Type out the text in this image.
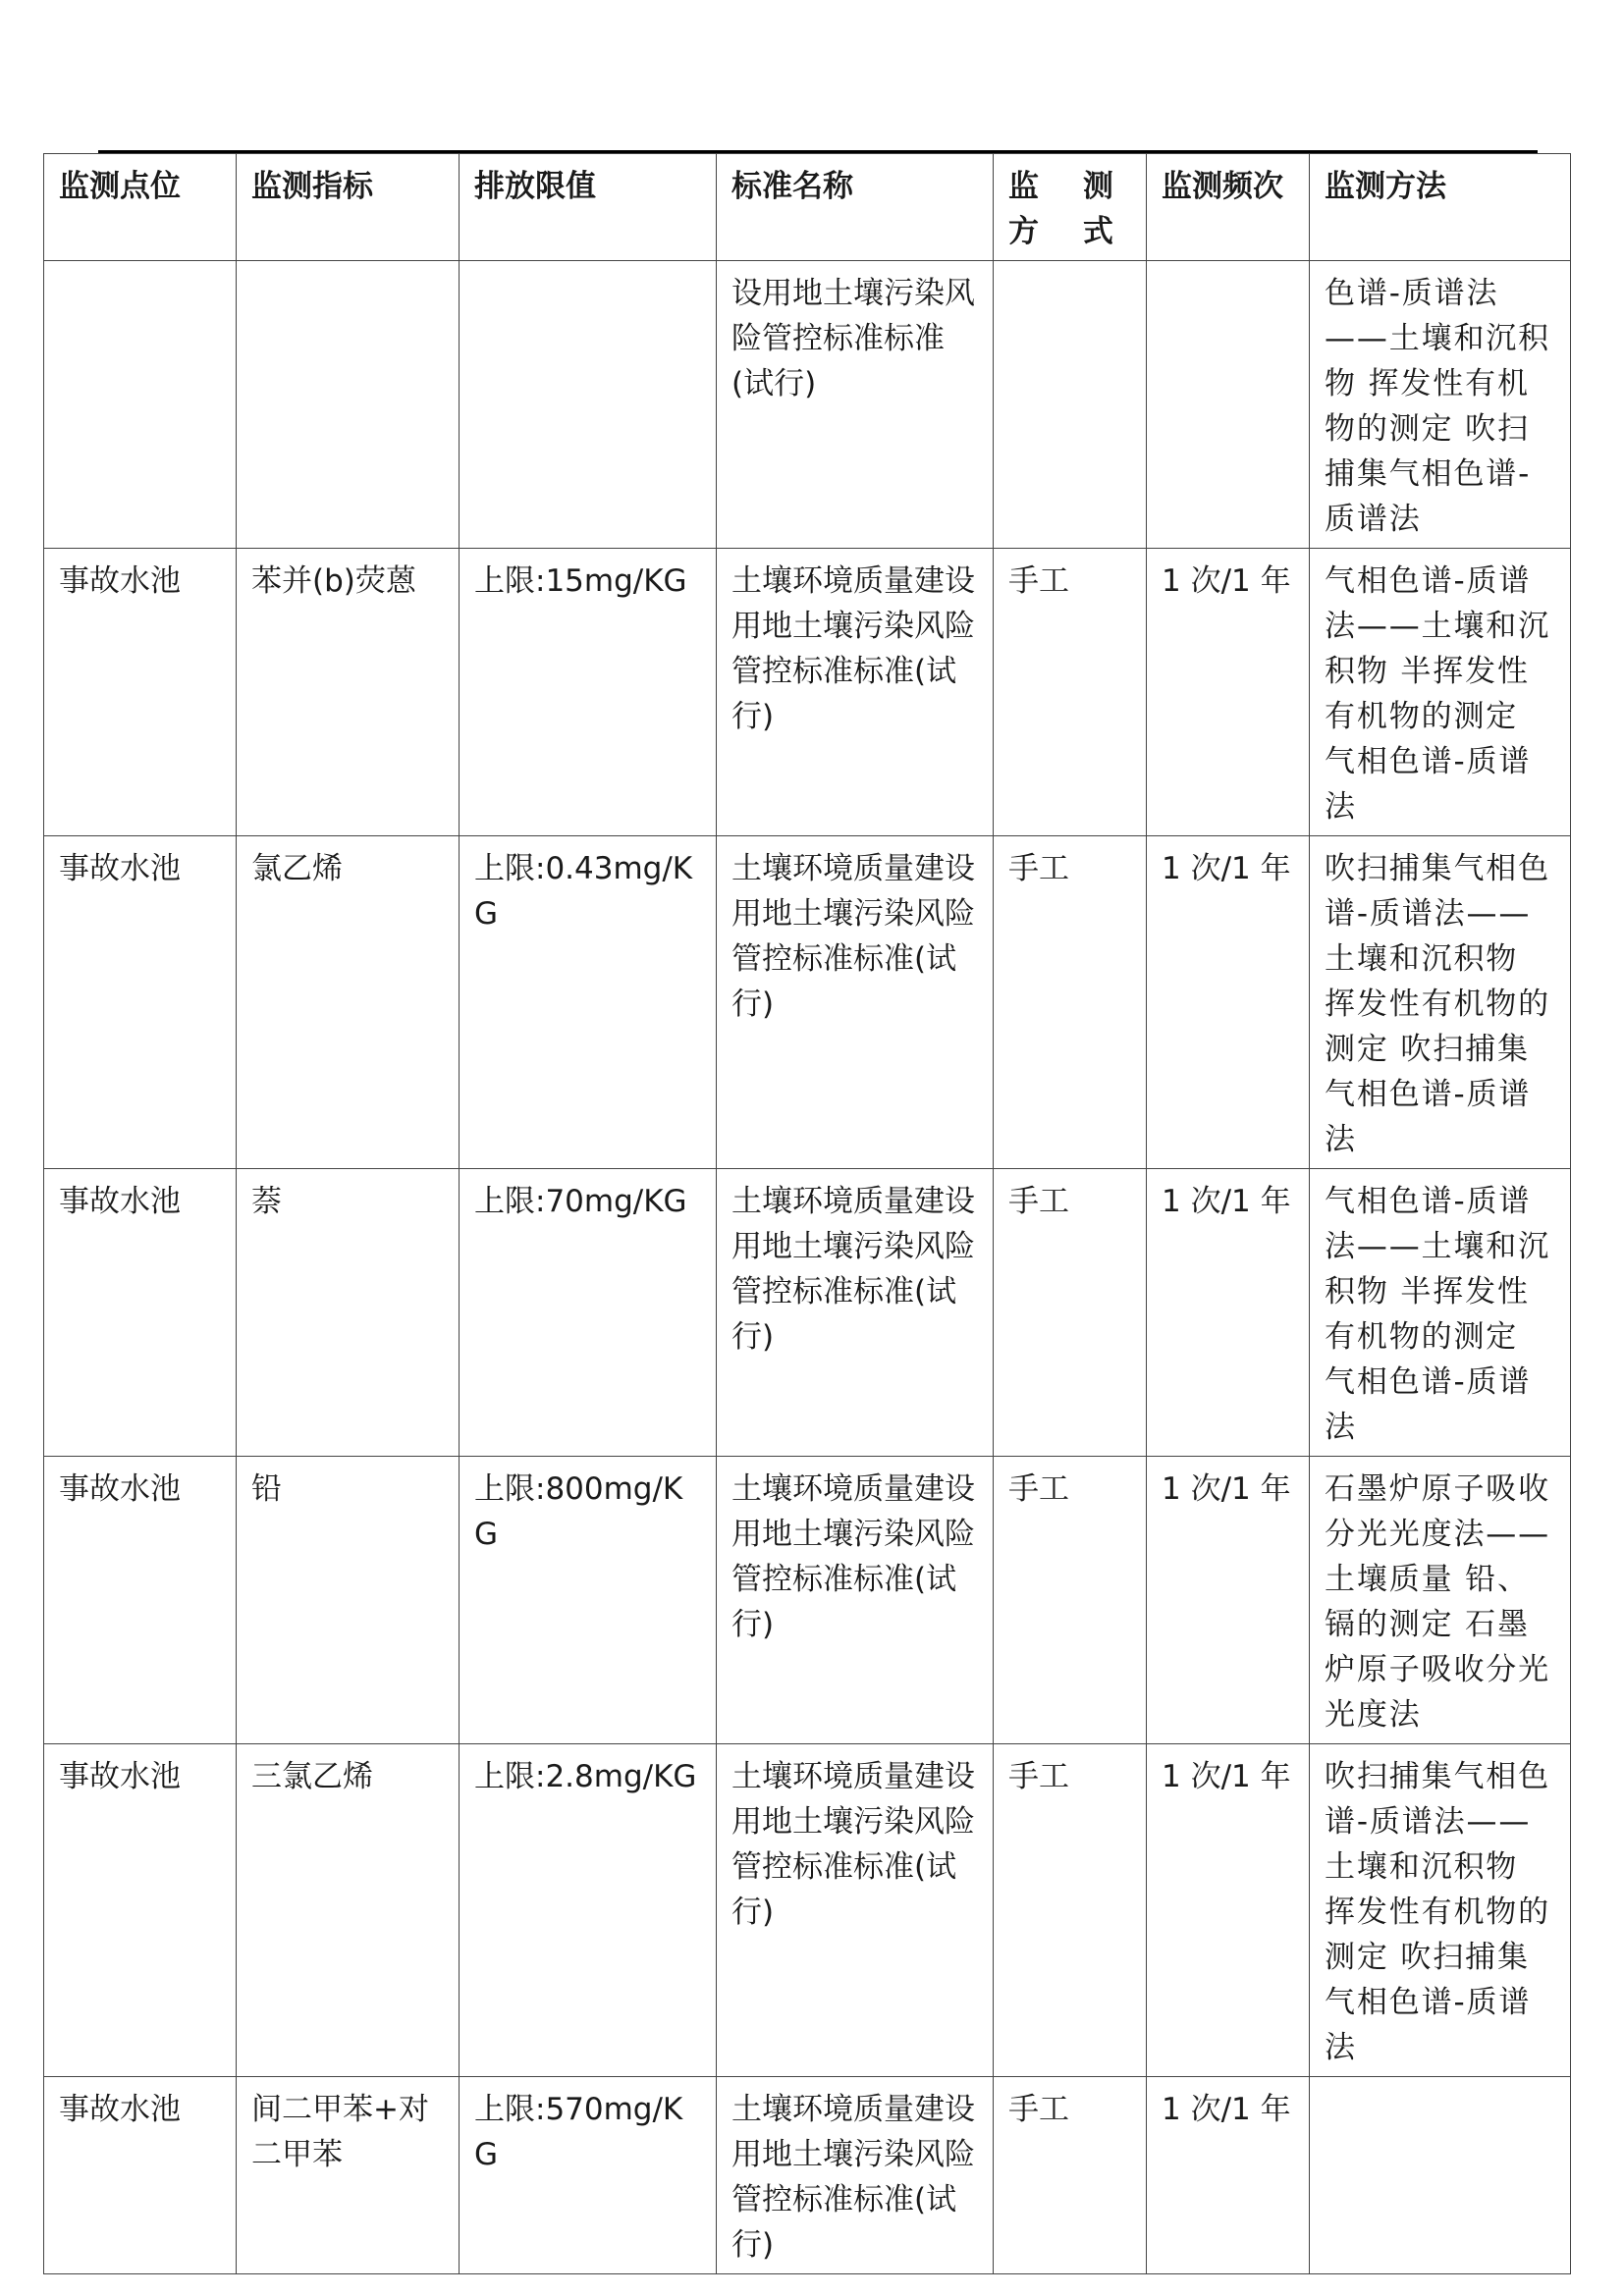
监测点位	监测指标	排放限值	标准名称	监 测 方 式	监测频次	监测方法
			设用地土壤污染风险管控标准标准(试行)			色谱-质谱法——土壤和沉积物 挥发性有机物的测定 吹扫捕集气相色谱-质谱法
事故水池	苯并(b)荧蒽	上限:15mg/KG	土壤环境质量建设用地土壤污染风险管控标准标准(试行)	手工	1 次/1 年	气相色谱-质谱法——土壤和沉积物 半挥发性有机物的测定 气相色谱-质谱法
事故水池	氯乙烯	上限:0.43mg/KG	土壤环境质量建设用地土壤污染风险管控标准标准(试行)	手工	1 次/1 年	吹扫捕集气相色谱-质谱法——土壤和沉积物 挥发性有机物的测定 吹扫捕集气相色谱-质谱法
事故水池	萘	上限:70mg/KG	土壤环境质量建设用地土壤污染风险管控标准标准(试行)	手工	1 次/1 年	气相色谱-质谱法——土壤和沉积物 半挥发性有机物的测定 气相色谱-质谱法
事故水池	铅	上限:800mg/KG	土壤环境质量建设用地土壤污染风险管控标准标准(试行)	手工	1 次/1 年	石墨炉原子吸收分光光度法——土壤质量 铅、镉的测定 石墨炉原子吸收分光光度法
事故水池	三氯乙烯	上限:2.8mg/KG	土壤环境质量建设用地土壤污染风险管控标准标准(试行)	手工	1 次/1 年	吹扫捕集气相色谱-质谱法——土壤和沉积物 挥发性有机物的测定 吹扫捕集气相色谱-质谱法
事故水池	间二甲苯+对二甲苯	上限:570mg/KG	土壤环境质量建设用地土壤污染风险管控标准标准(试行)	手工	1 次/1 年	
